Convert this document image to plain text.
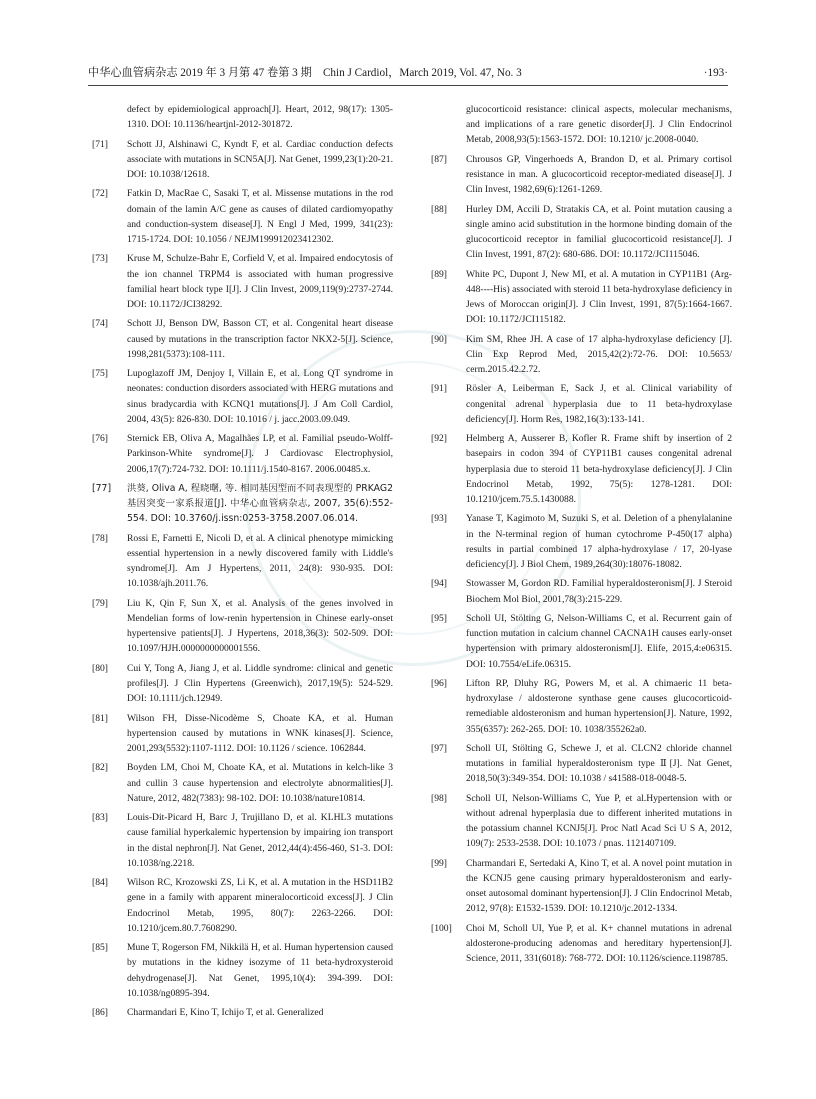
中华心血管病杂志 2019 年 3 月第 47 卷第 3 期　Chin J Cardiol，March 2019, Vol. 47, No. 3	·193·
defect by epidemiological approach[J]. Heart, 2012, 98(17): 1305-1310. DOI: 10.1136/heartjnl-2012-301872.
[71] Schott JJ, Alshinawi C, Kyndt F, et al. Cardiac conduction defects associate with mutations in SCN5A[J]. Nat Genet, 1999,23(1):20-21. DOI: 10.1038/12618.
[72] Fatkin D, MacRae C, Sasaki T, et al. Missense mutations in the rod domain of the lamin A/C gene as causes of dilated cardiomyopathy and conduction-system disease[J]. N Engl J Med, 1999, 341(23): 1715-1724. DOI: 10.1056 / NEJM199912023412302.
[73] Kruse M, Schulze-Bahr E, Corfield V, et al. Impaired endocytosis of the ion channel TRPM4 is associated with human progressive familial heart block type I[J]. J Clin Invest, 2009,119(9):2737-2744. DOI: 10.1172/JCI38292.
[74] Schott JJ, Benson DW, Basson CT, et al. Congenital heart disease caused by mutations in the transcription factor NKX2-5[J]. Science, 1998,281(5373):108-111.
[75] Lupoglazoff JM, Denjoy I, Villain E, et al. Long QT syndrome in neonates: conduction disorders associated with HERG mutations and sinus bradycardia with KCNQ1 mutations[J]. J Am Coll Cardiol, 2004, 43(5): 826-830. DOI: 10.1016 / j. jacc.2003.09.049.
[76] Sternick EB, Oliva A, Magalhães LP, et al. Familial pseudo-Wolff-Parkinson-White syndrome[J]. J Cardiovasc Electrophysiol, 2006,17(7):724-732. DOI: 10.1111/j.1540-8167. 2006.00485.x.
[77] 洪葵, Oliva A, 程晓曙, 等. 相同基因型而不同表现型的 PRKAG2基因突变一家系报道[J]. 中华心血管病杂志, 2007, 35(6):552-554. DOI: 10.3760/j.issn:0253-3758.2007.06.014.
[78] Rossi E, Farnetti E, Nicoli D, et al. A clinical phenotype mimicking essential hypertension in a newly discovered family with Liddle's syndrome[J]. Am J Hypertens, 2011, 24(8): 930-935. DOI: 10.1038/ajh.2011.76.
[79] Liu K, Qin F, Sun X, et al. Analysis of the genes involved in Mendelian forms of low-renin hypertension in Chinese early-onset hypertensive patients[J]. J Hypertens, 2018,36(3): 502-509. DOI: 10.1097/HJH.0000000000001556.
[80] Cui Y, Tong A, Jiang J, et al. Liddle syndrome: clinical and genetic profiles[J]. J Clin Hypertens (Greenwich), 2017,19(5): 524-529. DOI: 10.1111/jch.12949.
[81] Wilson FH, Disse-Nicodème S, Choate KA, et al. Human hypertension caused by mutations in WNK kinases[J]. Science, 2001,293(5532):1107-1112. DOI: 10.1126 / science. 1062844.
[82] Boyden LM, Choi M, Choate KA, et al. Mutations in kelch-like 3 and cullin 3 cause hypertension and electrolyte abnormalities[J]. Nature, 2012, 482(7383): 98-102. DOI: 10.1038/nature10814.
[83] Louis-Dit-Picard H, Barc J, Trujillano D, et al. KLHL3 mutations cause familial hyperkalemic hypertension by impairing ion transport in the distal nephron[J]. Nat Genet, 2012,44(4):456-460, S1-3. DOI: 10.1038/ng.2218.
[84] Wilson RC, Krozowski ZS, Li K, et al. A mutation in the HSD11B2 gene in a family with apparent mineralocorticoid excess[J]. J Clin Endocrinol Metab, 1995, 80(7): 2263-2266. DOI: 10.1210/jcem.80.7.7608290.
[85] Mune T, Rogerson FM, Nikkilä H, et al. Human hypertension caused by mutations in the kidney isozyme of 11 beta-hydroxysteroid dehydrogenase[J]. Nat Genet, 1995,10(4): 394-399. DOI: 10.1038/ng0895-394.
[86] Charmandari E, Kino T, Ichijo T, et al. Generalized
glucocorticoid resistance: clinical aspects, molecular mechanisms, and implications of a rare genetic disorder[J]. J Clin Endocrinol Metab, 2008,93(5):1563-1572. DOI: 10.1210/ jc.2008-0040.
[87] Chrousos GP, Vingerhoeds A, Brandon D, et al. Primary cortisol resistance in man. A glucocorticoid receptor-mediated disease[J]. J Clin Invest, 1982,69(6):1261-1269.
[88] Hurley DM, Accili D, Stratakis CA, et al. Point mutation causing a single amino acid substitution in the hormone binding domain of the glucocorticoid receptor in familial glucocorticoid resistance[J]. J Clin Invest, 1991, 87(2): 680-686. DOI: 10.1172/JCI115046.
[89] White PC, Dupont J, New MI, et al. A mutation in CYP11B1 (Arg-448----His) associated with steroid 11 beta-hydroxylase deficiency in Jews of Moroccan origin[J]. J Clin Invest, 1991, 87(5):1664-1667. DOI: 10.1172/JCI115182.
[90] Kim SM, Rhee JH. A case of 17 alpha-hydroxylase deficiency [J]. Clin Exp Reprod Med, 2015,42(2):72-76. DOI: 10.5653/ cerm.2015.42.2.72.
[91] Rösler A, Leiberman E, Sack J, et al. Clinical variability of congenital adrenal hyperplasia due to 11 beta-hydroxylase deficiency[J]. Horm Res, 1982,16(3):133-141.
[92] Helmberg A, Ausserer B, Kofler R. Frame shift by insertion of 2 basepairs in codon 394 of CYP11B1 causes congenital adrenal hyperplasia due to steroid 11 beta-hydroxylase deficiency[J]. J Clin Endocrinol Metab, 1992, 75(5): 1278-1281. DOI: 10.1210/jcem.75.5.1430088.
[93] Yanase T, Kagimoto M, Suzuki S, et al. Deletion of a phenylalanine in the N-terminal region of human cytochrome P-450(17 alpha) results in partial combined 17 alpha-hydroxylase / 17, 20-lyase deficiency[J]. J Biol Chem, 1989,264(30):18076-18082.
[94] Stowasser M, Gordon RD. Familial hyperaldosteronism[J]. J Steroid Biochem Mol Biol, 2001,78(3):215-229.
[95] Scholl UI, Stölting G, Nelson-Williams C, et al. Recurrent gain of function mutation in calcium channel CACNA1H causes early-onset hypertension with primary aldosteronism[J]. Elife, 2015,4:e06315. DOI: 10.7554/eLife.06315.
[96] Lifton RP, Dluhy RG, Powers M, et al. A chimaeric 11 beta-hydroxylase / aldosterone synthase gene causes glucocorticoid-remediable aldosteronism and human hypertension[J]. Nature, 1992, 355(6357): 262-265. DOI: 10. 1038/355262a0.
[97] Scholl UI, Stölting G, Schewe J, et al. CLCN2 chloride channel mutations in familial hyperaldosteronism type Ⅱ[J]. Nat Genet, 2018,50(3):349-354. DOI: 10.1038 / s41588-018-0048-5.
[98] Scholl UI, Nelson-Williams C, Yue P, et al.Hypertension with or without adrenal hyperplasia due to different inherited mutations in the potassium channel KCNJ5[J]. Proc Natl Acad Sci U S A, 2012, 109(7): 2533-2538. DOI: 10.1073 / pnas. 1121407109.
[99] Charmandari E, Sertedaki A, Kino T, et al. A novel point mutation in the KCNJ5 gene causing primary hyperaldosteronism and early-onset autosomal dominant hypertension[J]. J Clin Endocrinol Metab, 2012, 97(8): E1532-1539. DOI: 10.1210/jc.2012-1334.
[100] Choi M, Scholl UI, Yue P, et al. K+ channel mutations in adrenal aldosterone-producing adenomas and hereditary hypertension[J]. Science, 2011, 331(6018): 768-772. DOI: 10.1126/science.1198785.
